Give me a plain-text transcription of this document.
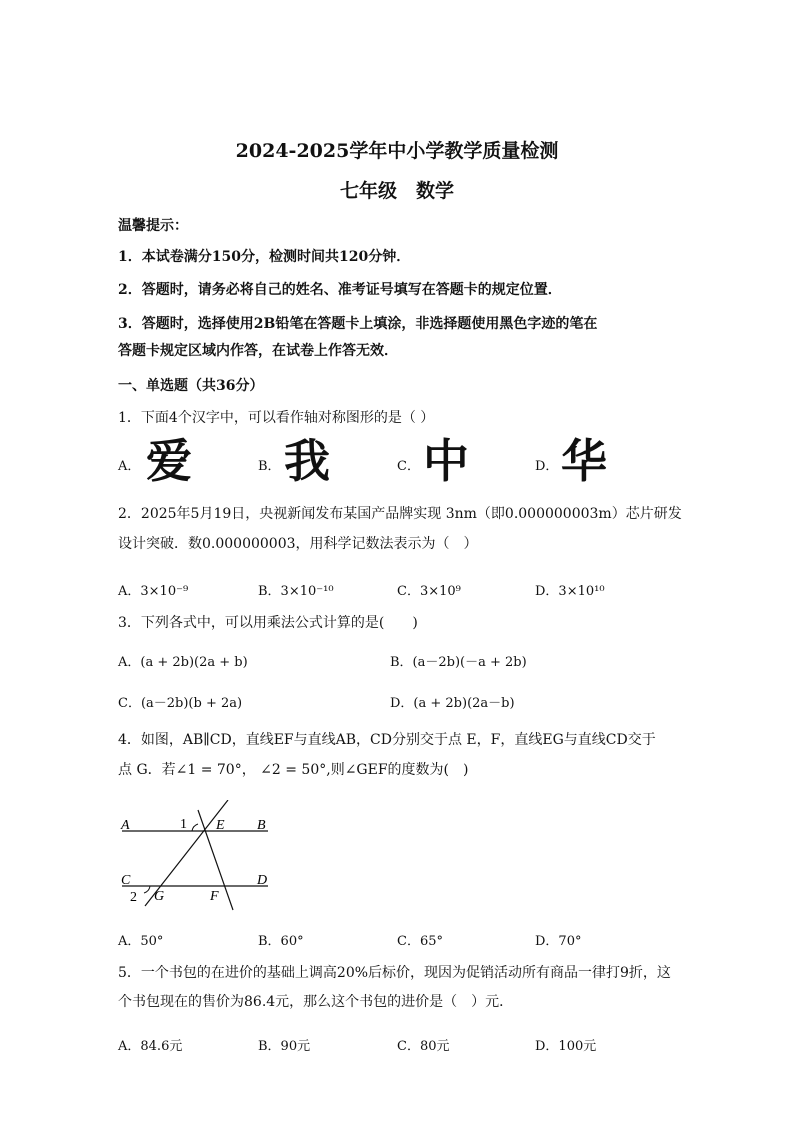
2024-2025学年中小学教学质量检测
七年级　数学
温馨提示：
1．本试卷满分150分，检测时间共120分钟．
2．答题时，请务必将自己的姓名、准考证号填写在答题卡的规定位置．
3．答题时，选择使用2B铅笔在答题卡上填涂，非选择题使用黑色字迹的笔在
答题卡规定区域内作答，在试卷上作答无效．
一、单选题（共36分）
1．下面4个汉字中，可以看作轴对称图形的是（ ）
A． 爱	B． 我	C． 中	D． 华
2．2025年5月19日，央视新闻发布某国产品牌实现 3nm（即0.000000003m）芯片研发
设计突破．数0.000000003，用科学记数法表示为（　）
A．3×10⁻⁹	B．3×10⁻¹⁰	C．3×10⁹	D．3×10¹⁰
3．下列各式中，可以用乘法公式计算的是(　　)
A．(a + 2b)(2a + b)	B．(a－2b)(－a + 2b)
C．(a－2b)(b + 2a)	D．(a + 2b)(2a－b)
4．如图，AB∥CD，直线EF与直线AB，CD分别交于点 E，F，直线EG与直线CD交于
点 G．若∠1 = 70°， ∠2 = 50°,则∠GEF的度数为(　)
A	B
C	D
E
F
G
1
2
A．50°	B．60°	C．65°	D．70°
5．一个书包的在进价的基础上调高20%后标价，现因为促销活动所有商品一律打9折，这
个书包现在的售价为86.4元，那么这个书包的进价是（　）元．
A．84.6元	B．90元	C．80元	D．100元
